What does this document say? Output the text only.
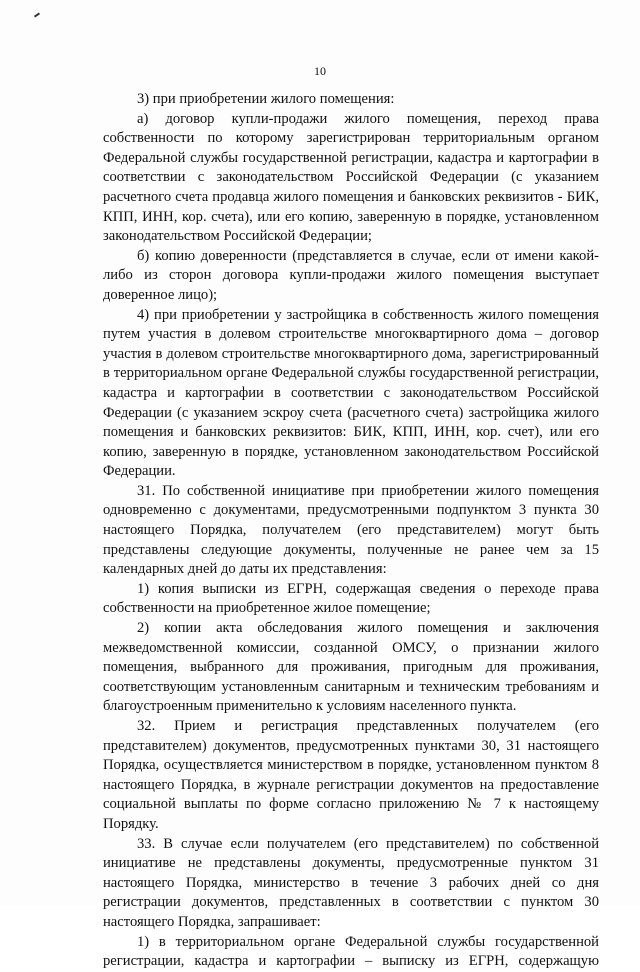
10
3) при приобретении жилого помещения:
а) договор купли-продажи жилого помещения, переход права
собственности по которому зарегистрирован территориальным органом
Федеральной службы государственной регистрации, кадастра и картографии в
соответствии с законодательством Российской Федерации (с указанием
расчетного счета продавца жилого помещения и банковских реквизитов - БИК,
КПП, ИНН, кор. счета), или его копию, заверенную в порядке, установленном
законодательством Российской Федерации;
б) копию доверенности (представляется в случае, если от имени какой-
либо из сторон договора купли-продажи жилого помещения выступает
доверенное лицо);
4) при приобретении у застройщика в собственность жилого помещения
путем участия в долевом строительстве многоквартирного дома – договор
участия в долевом строительстве многоквартирного дома, зарегистрированный
в территориальном органе Федеральной службы государственной регистрации,
кадастра и картографии в соответствии с законодательством Российской
Федерации (с указанием эскроу счета (расчетного счета) застройщика жилого
помещения и банковских реквизитов: БИК, КПП, ИНН, кор. счет), или его
копию, заверенную в порядке, установленном законодательством Российской
Федерации.
31. По собственной инициативе при приобретении жилого помещения
одновременно с документами, предусмотренными подпунктом 3 пункта 30
настоящего Порядка, получателем (его представителем) могут быть
представлены следующие документы, полученные не ранее чем за 15
календарных дней до даты их представления:
1) копия выписки из ЕГРН, содержащая сведения о переходе права
собственности на приобретенное жилое помещение;
2) копии акта обследования жилого помещения и заключения
межведомственной комиссии, созданной ОМСУ, о признании жилого
помещения, выбранного для проживания, пригодным для проживания,
соответствующим установленным санитарным и техническим требованиям и
благоустроенным применительно к условиям населенного пункта.
32. Прием и регистрация представленных получателем (его
представителем) документов, предусмотренных пунктами 30, 31 настоящего
Порядка, осуществляется министерством в порядке, установленном пунктом 8
настоящего Порядка, в журнале регистрации документов на предоставление
социальной выплаты по форме согласно приложению № 7 к настоящему
Порядку.
33. В случае если получателем (его представителем) по собственной
инициативе не представлены документы, предусмотренные пунктом 31
настоящего Порядка, министерство в течение 3 рабочих дней со дня
регистрации документов, представленных в соответствии с пунктом 30
настоящего Порядка, запрашивает:
1) в территориальном органе Федеральной службы государственной
регистрации, кадастра и картографии – выписку из ЕГРН, содержащую
